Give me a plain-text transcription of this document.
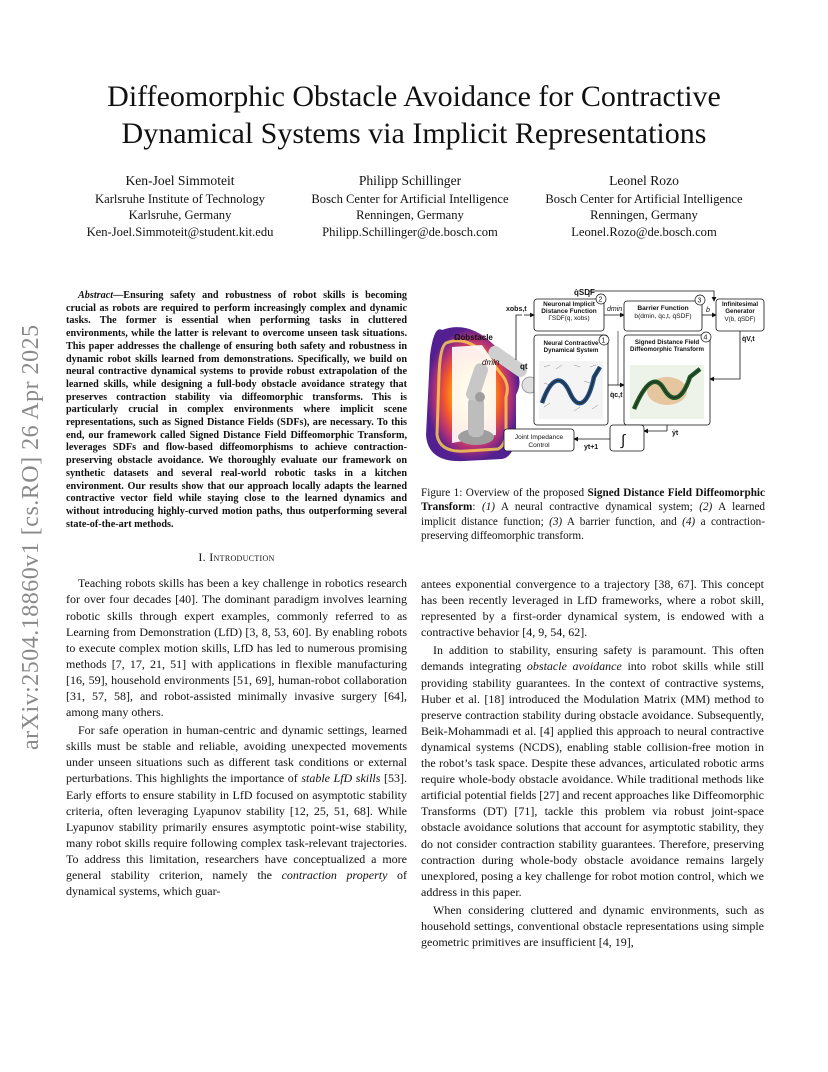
arXiv:2504.18860v1 [cs.RO] 26 Apr 2025
Diffeomorphic Obstacle Avoidance for Contractive
Dynamical Systems via Implicit Representations
Ken-Joel Simmoteit
Karlsruhe Institute of Technology
Karlsruhe, Germany
Ken-Joel.Simmoteit@student.kit.edu
Philipp Schillinger
Bosch Center for Artificial Intelligence
Renningen, Germany
Philipp.Schillinger@de.bosch.com
Leonel Rozo
Bosch Center for Artificial Intelligence
Renningen, Germany
Leonel.Rozo@de.bosch.com

Abstract—Ensuring safety and robustness of robot skills is becoming crucial as robots are required to perform increasingly complex and dynamic tasks. The former is essential when performing tasks in cluttered environments, while the latter is relevant to overcome unseen task situations. This paper addresses the challenge of ensuring both safety and robustness in dynamic robot skills learned from demonstrations. Specifically, we build on neural contractive dynamical systems to provide robust extrapolation of the learned skills, while designing a full-body obstacle avoidance strategy that preserves contraction stability via diffeomorphic transforms. This is particularly crucial in complex environments where implicit scene representations, such as Signed Distance Fields (SDFs), are necessary. To this end, our framework called Signed Distance Field Diffeomorphic Transform, leverages SDFs and flow-based diffeomorphisms to achieve contraction-preserving obstacle avoidance. We thoroughly evaluate our framework on synthetic datasets and several real-world robotic tasks in a kitchen environment. Our results show that our approach locally adapts the learned contractive vector field while staying close to the learned dynamics and without introducing highly-curved motion paths, thus outperforming several state-of-the-art methods.

I. Introduction

Teaching robots skills has been a key challenge in robotics research for over four decades [40]. The dominant paradigm involves learning robotic skills through expert examples, commonly referred to as Learning from Demonstration (LfD) [3, 8, 53, 60]. By enabling robots to execute complex motion skills, LfD has led to numerous promising methods [7, 17, 21, 51] with applications in flexible manufacturing [16, 59], household environments [51, 69], human-robot collaboration [31, 57, 58], and robot-assisted minimally invasive surgery [64], among many others.

For safe operation in human-centric and dynamic settings, learned skills must be stable and reliable, avoiding unexpected movements under unseen situations such as different task conditions or external perturbations. This highlights the importance of stable LfD skills [53]. Early efforts to ensure stability in LfD focused on asymptotic stability criteria, often leveraging Lyapunov stability [12, 25, 51, 68]. While Lyapunov stability primarily ensures asymptotic point-wise stability, many robot skills require following complex task-relevant trajectories. To address this limitation, researchers have conceptualized a more general stability criterion, namely the contraction property of dynamical systems, which guar-

Ωobstacle
dmin	qt
q̇SDF
Neuronal Implicit Distance Function
ΓSDF(q, xobs)
2
xobs,t	dmin	Barrier Function
b(dmin, q̇c,t, q̇SDF)
3
b
Infinitesimal Generator
V(b, q̇SDF)
q̇V,t
Neural Contractive Dynamical System
1
q̇c,t
Signed Distance Field Diffeomorphic Transform
4
ẏt
∫
yt+1
Joint Impedance
Control
Figure 1: Overview of the proposed Signed Distance Field Diffeomorphic Transform: (1) A neural contractive dynamical system; (2) A learned implicit distance function; (3) A barrier function, and (4) a contraction-preserving diffeomorphic transform.

antees exponential convergence to a trajectory [38, 67]. This concept has been recently leveraged in LfD frameworks, where a robot skill, represented by a first-order dynamical system, is endowed with a contractive behavior [4, 9, 54, 62].

In addition to stability, ensuring safety is paramount. This often demands integrating obstacle avoidance into robot skills while still providing stability guarantees. In the context of contractive systems, Huber et al. [18] introduced the Modulation Matrix (MM) method to preserve contraction stability during obstacle avoidance. Subsequently, Beik-Mohammadi et al. [4] applied this approach to neural contractive dynamical systems (NCDS), enabling stable collision-free motion in the robot’s task space. Despite these advances, articulated robotic arms require whole-body obstacle avoidance. While traditional methods like artificial potential fields [27] and recent approaches like Diffeomorphic Transforms (DT) [71], tackle this problem via robust joint-space obstacle avoidance solutions that account for asymptotic stability, they do not consider contraction stability guarantees. Therefore, preserving contraction during whole-body obstacle avoidance remains largely unexplored, posing a key challenge for robot motion control, which we address in this paper.

When considering cluttered and dynamic environments, such as household settings, conventional obstacle representations using simple geometric primitives are insufficient [4, 19],
